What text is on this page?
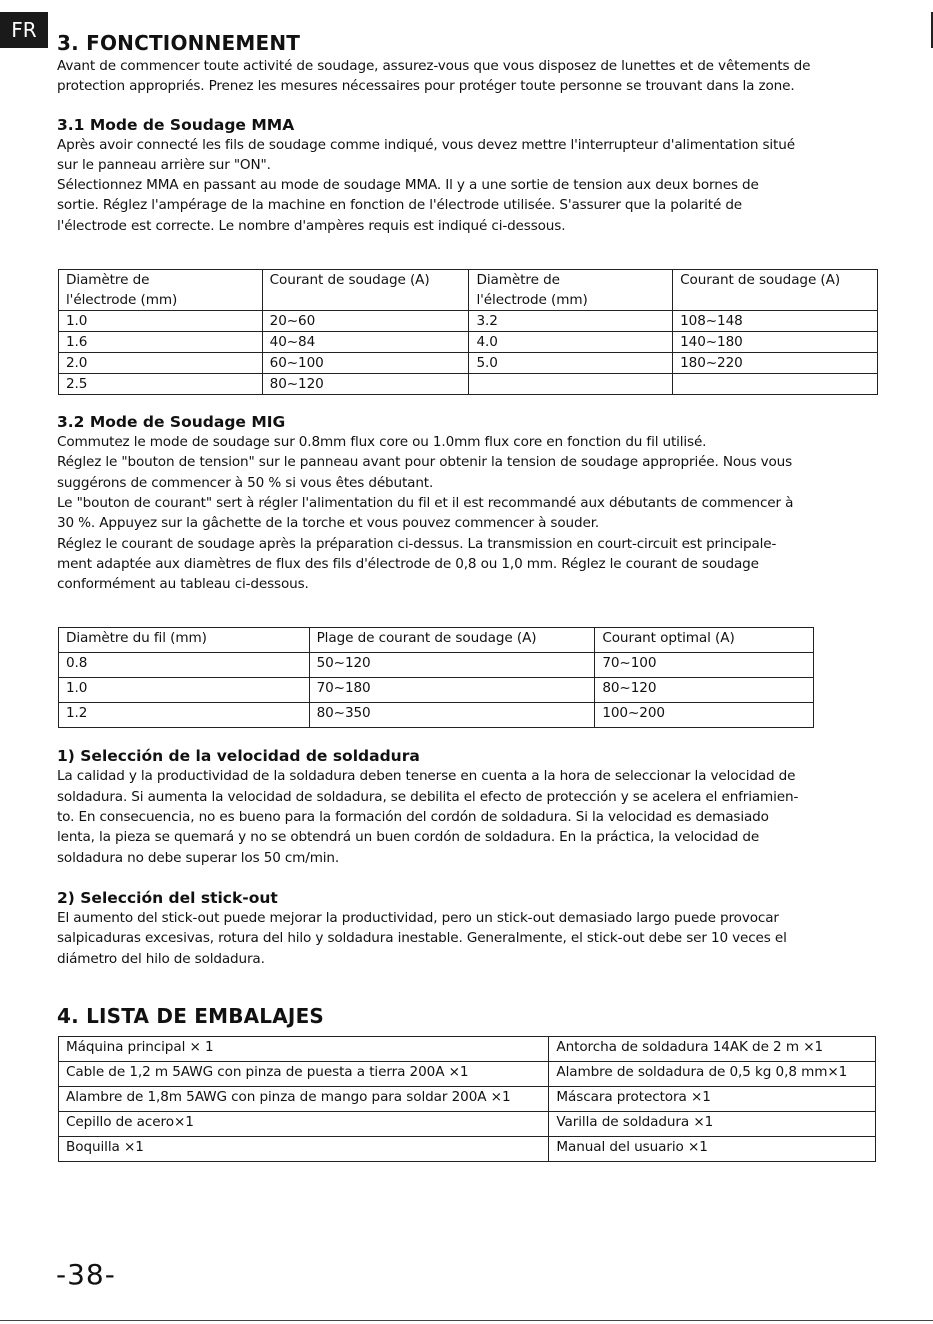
FR
3. FONCTIONNEMENT

Avant de commencer toute activité de soudage, assurez-vous que vous disposez de lunettes et de vêtements de
protection appropriés. Prenez les mesures nécessaires pour protéger toute personne se trouvant dans la zone.

3.1 Mode de Soudage MMA

Après avoir connecté les fils de soudage comme indiqué, vous devez mettre l'interrupteur d'alimentation situé
sur le panneau arrière sur "ON".
Sélectionnez MMA en passant au mode de soudage MMA. Il y a une sortie de tension aux deux bornes de
sortie. Réglez l'ampérage de la machine en fonction de l'électrode utilisée. S'assurer que la polarité de
l'électrode est correcte. Le nombre d'ampères requis est indiqué ci-dessous.

Diamètre de
l'électrode (mm)	Courant de soudage (A)	Diamètre de
l'électrode (mm)	Courant de soudage (A)
1.0	20~60	3.2	108~148
1.6	40~84	4.0	140~180
2.0	60~100	5.0	180~220
2.5	80~120		
3.2 Mode de Soudage MIG

Commutez le mode de soudage sur 0.8mm flux core ou 1.0mm flux core en fonction du fil utilisé.
Réglez le "bouton de tension" sur le panneau avant pour obtenir la tension de soudage appropriée. Nous vous
suggérons de commencer à 50 % si vous êtes débutant.
Le "bouton de courant" sert à régler l'alimentation du fil et il est recommandé aux débutants de commencer à
30 %. Appuyez sur la gâchette de la torche et vous pouvez commencer à souder.
Réglez le courant de soudage après la préparation ci-dessus. La transmission en court-circuit est principale-
ment adaptée aux diamètres de flux des fils d'électrode de 0,8 ou 1,0 mm. Réglez le courant de soudage
conformément au tableau ci-dessous.

Diamètre du fil (mm)	Plage de courant de soudage (A)	Courant optimal (A)
0.8	50~120	70~100
1.0	70~180	80~120
1.2	80~350	100~200
1) Selección de la velocidad de soldadura

La calidad y la productividad de la soldadura deben tenerse en cuenta a la hora de seleccionar la velocidad de
soldadura. Si aumenta la velocidad de soldadura, se debilita el efecto de protección y se acelera el enfriamien-
to. En consecuencia, no es bueno para la formación del cordón de soldadura. Si la velocidad es demasiado
lenta, la pieza se quemará y no se obtendrá un buen cordón de soldadura. En la práctica, la velocidad de
soldadura no debe superar los 50 cm/min.

2) Selección del stick-out

El aumento del stick-out puede mejorar la productividad, pero un stick-out demasiado largo puede provocar
salpicaduras excesivas, rotura del hilo y soldadura inestable. Generalmente, el stick-out debe ser 10 veces el
diámetro del hilo de soldadura.

4. LISTA DE EMBALAJES
Máquina principal × 1	Antorcha de soldadura 14AK de 2 m ×1
Cable de 1,2 m 5AWG con pinza de puesta a tierra 200A ×1	Alambre de soldadura de 0,5 kg 0,8 mm×1
Alambre de 1,8m 5AWG con pinza de mango para soldar 200A ×1	Máscara protectora ×1
Cepillo de acero×1	Varilla de soldadura ×1
Boquilla ×1	Manual del usuario ×1
-38-
